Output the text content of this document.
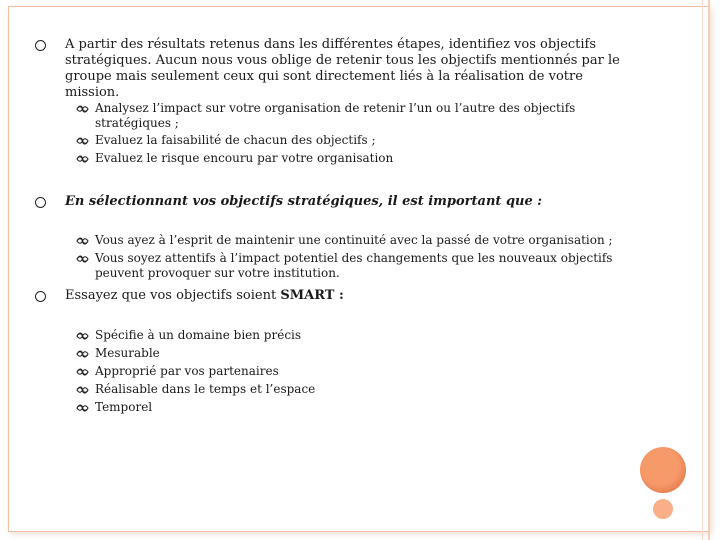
A partir des résultats retenus dans les différentes étapes, identifiez vos objectifs
stratégiques. Aucun nous vous oblige de retenir tous les objectifs mentionnés par le
groupe mais seulement ceux qui sont directement liés à la réalisation de votre
mission.
Analysez l’impact sur votre organisation de retenir l’un ou l’autre des objectifs
stratégiques ;
Evaluez la faisabilité de chacun des objectifs ;
Evaluez le risque encouru par votre organisation
En sélectionnant vos objectifs stratégiques, il est important que :
Vous ayez à l’esprit de maintenir une continuité avec la passé de votre organisation ;
Vous soyez attentifs à l’impact potentiel des changements que les nouveaux objectifs
peuvent provoquer sur votre institution.
Essayez que vos objectifs soient SMART :
Spécifie à un domaine bien précis
Mesurable
Approprié par vos partenaires
Réalisable dans le temps et l’espace
Temporel
